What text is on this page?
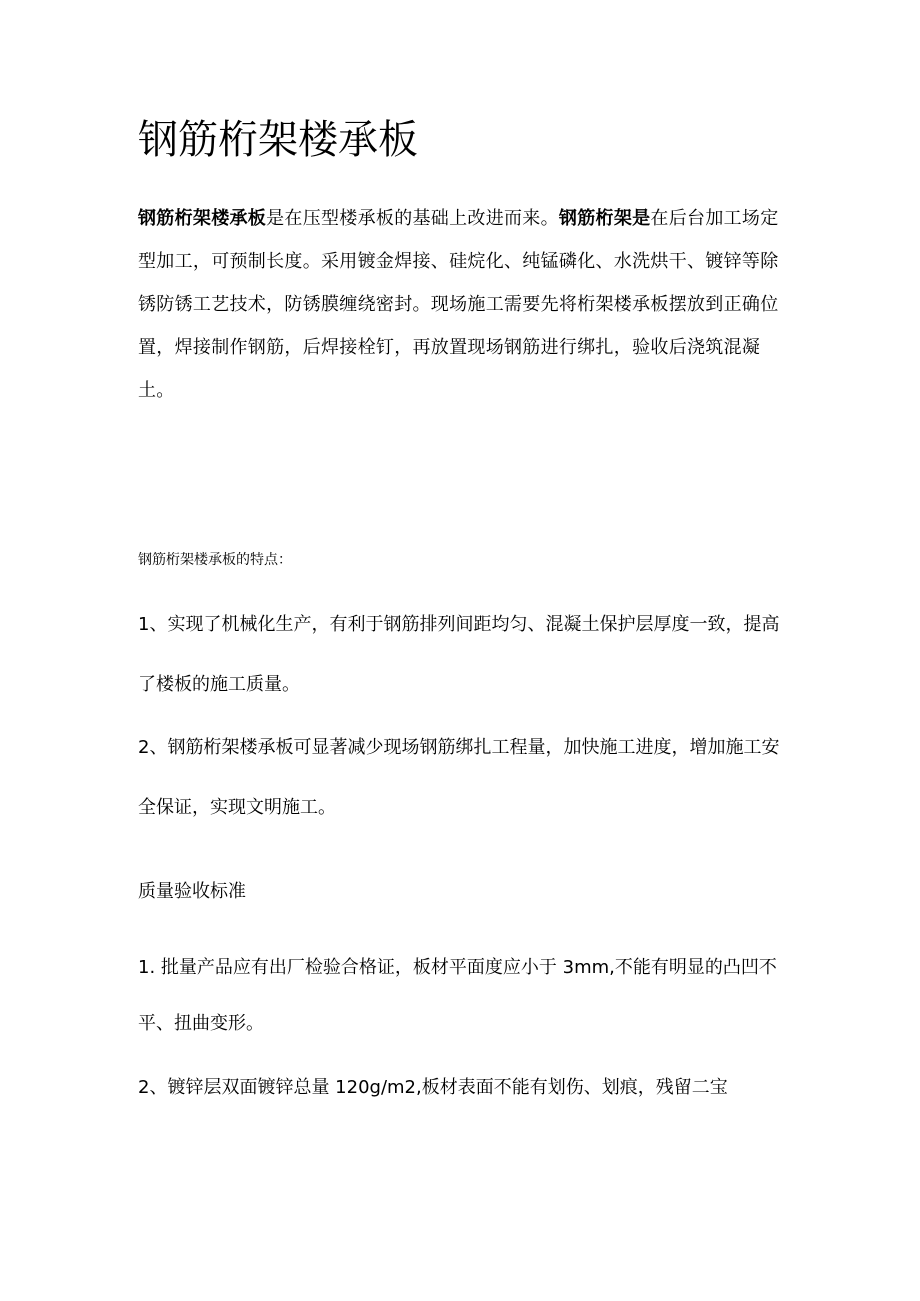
钢筋桁架楼承板

钢筋桁架楼承板是在压型楼承板的基础上改进而来。钢筋桁架是在后台加工场定型加工，可预制长度。采用镀金焊接、硅烷化、纯锰磷化、水洗烘干、镀锌等除锈防锈工艺技术，防锈膜缠绕密封。现场施工需要先将桁架楼承板摆放到正确位置，焊接制作钢筋，后焊接栓钉，再放置现场钢筋进行绑扎，验收后浇筑混凝土。

钢筋桁架楼承板的特点：

1、实现了机械化生产，有利于钢筋排列间距均匀、混凝土保护层厚度一致，提高了楼板的施工质量。

2、钢筋桁架楼承板可显著减少现场钢筋绑扎工程量，加快施工进度，增加施工安全保证，实现文明施工。

质量验收标准

1. 批量产品应有出厂检验合格证，板材平面度应小于 3mm,不能有明显的凸凹不平、扭曲变形。

2、镀锌层双面镀锌总量 120g/m2,板材表面不能有划伤、划痕，残留二宝
